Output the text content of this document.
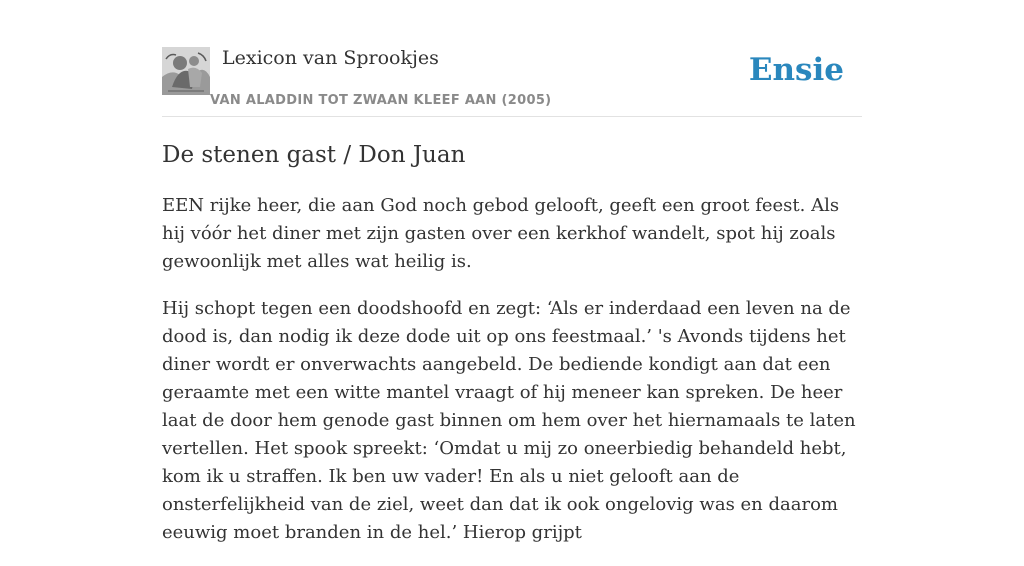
Lexicon van Sprookjes
VAN ALADDIN TOT ZWAAN KLEEF AAN (2005)
Ensie
De stenen gast / Don Juan

EEN rijke heer, die aan God noch gebod gelooft, geeft een groot feest. Als hij vóór het diner met zijn gasten over een kerkhof wandelt, spot hij zoals gewoonlijk met alles wat heilig is.

Hij schopt tegen een doodshoofd en zegt: ‘Als er inderdaad een leven na de dood is, dan nodig ik deze dode uit op ons feestmaal.’ 's Avonds tijdens het diner wordt er onverwachts aangebeld. De bediende kondigt aan dat een geraamte met een witte mantel vraagt of hij meneer kan spreken. De heer laat de door hem genode gast binnen om hem over het hiernamaals te laten vertellen. Het spook spreekt: ‘Omdat u mij zo oneerbiedig behandeld hebt, kom ik u straffen. Ik ben uw vader! En als u niet gelooft aan de onsterfelijkheid van de ziel, weet dan dat ik ook ongelovig was en daarom eeuwig moet branden in de hel.’ Hierop grijpt
